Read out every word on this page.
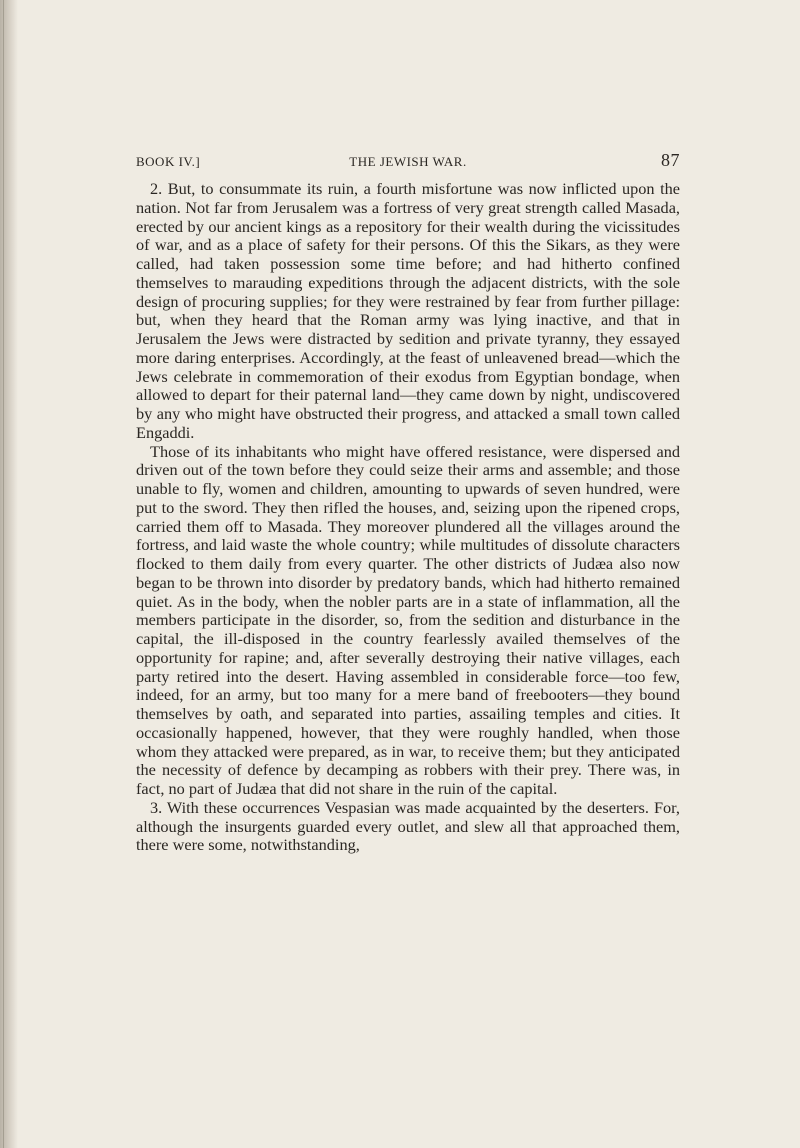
BOOK IV.]	THE JEWISH WAR.	87

2. But, to consummate its ruin, a fourth misfortune was now inflicted upon the nation. Not far from Jerusalem was a fortress of very great strength called Masada, erected by our ancient kings as a repository for their wealth during the vicissitudes of war, and as a place of safety for their persons. Of this the Sikars, as they were called, had taken possession some time before; and had hitherto confined themselves to marauding expeditions through the adjacent districts, with the sole design of procuring supplies; for they were restrained by fear from further pillage: but, when they heard that the Roman army was lying inactive, and that in Jerusalem the Jews were distracted by sedition and private tyranny, they essayed more daring enterprises. Accordingly, at the feast of unleavened bread—which the Jews celebrate in commemoration of their exodus from Egyptian bondage, when allowed to depart for their paternal land—they came down by night, undiscovered by any who might have obstructed their progress, and attacked a small town called Engaddi.

Those of its inhabitants who might have offered resistance, were dispersed and driven out of the town before they could seize their arms and assemble; and those unable to fly, women and children, amounting to upwards of seven hundred, were put to the sword. They then rifled the houses, and, seizing upon the ripened crops, carried them off to Masada. They moreover plundered all the villages around the fortress, and laid waste the whole country; while multitudes of dissolute characters flocked to them daily from every quarter. The other districts of Judæa also now began to be thrown into disorder by predatory bands, which had hitherto remained quiet. As in the body, when the nobler parts are in a state of inflammation, all the members participate in the disorder, so, from the sedition and disturbance in the capital, the ill-disposed in the country fearlessly availed themselves of the opportunity for rapine; and, after severally destroying their native villages, each party retired into the desert. Having assembled in considerable force—too few, indeed, for an army, but too many for a mere band of freebooters—they bound themselves by oath, and separated into parties, assailing temples and cities. It occasionally happened, however, that they were roughly handled, when those whom they attacked were prepared, as in war, to receive them; but they anticipated the necessity of defence by decamping as robbers with their prey. There was, in fact, no part of Judæa that did not share in the ruin of the capital.

3. With these occurrences Vespasian was made acquainted by the deserters. For, although the insurgents guarded every outlet, and slew all that approached them, there were some, notwithstanding,
